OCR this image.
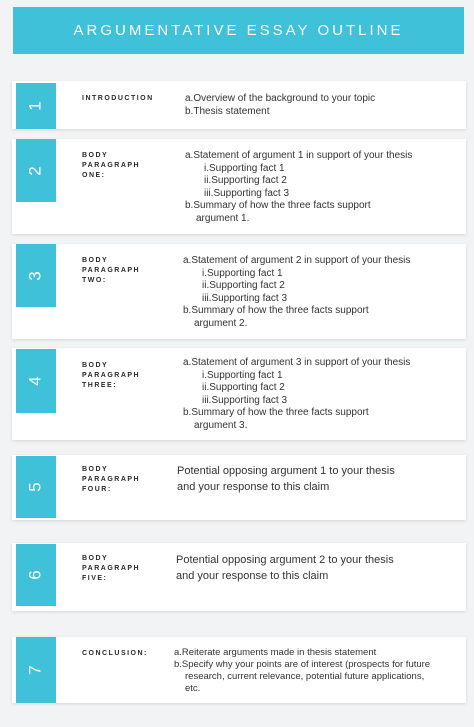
ARGUMENTATIVE ESSAY OUTLINE
1
INTRODUCTION	a.Overview of the background to your topic
b.Thesis statement
2
BODY
PARAGRAPH
ONE:
a.Statement of argument 1 in support of your thesis
i.Supporting fact 1
ii.Supporting fact 2
iii.Supporting fact 3
b.Summary of how the three facts support
argument 1.
3
BODY
PARAGRAPH
TWO:
a.Statement of argument 2 in support of your thesis
i.Supporting fact 1
ii.Supporting fact 2
iii.Supporting fact 3
b.Summary of how the three facts support
argument 2.
4
BODY
PARAGRAPH
THREE:
a.Statement of argument 3 in support of your thesis
i.Supporting fact 1
ii.Supporting fact 2
iii.Supporting fact 3
b.Summary of how the three facts support
argument 3.
5
BODY
PARAGRAPH
FOUR:
Potential opposing argument 1 to your thesis
and your response to this claim
6
BODY
PARAGRAPH
FIVE:
Potential opposing argument 2 to your thesis
and your response to this claim
7
CONCLUSION:	a.Reiterate arguments made in thesis statement
b.Specify why your points are of interest (prospects for future
research, current relevance, potential future applications,
etc.
